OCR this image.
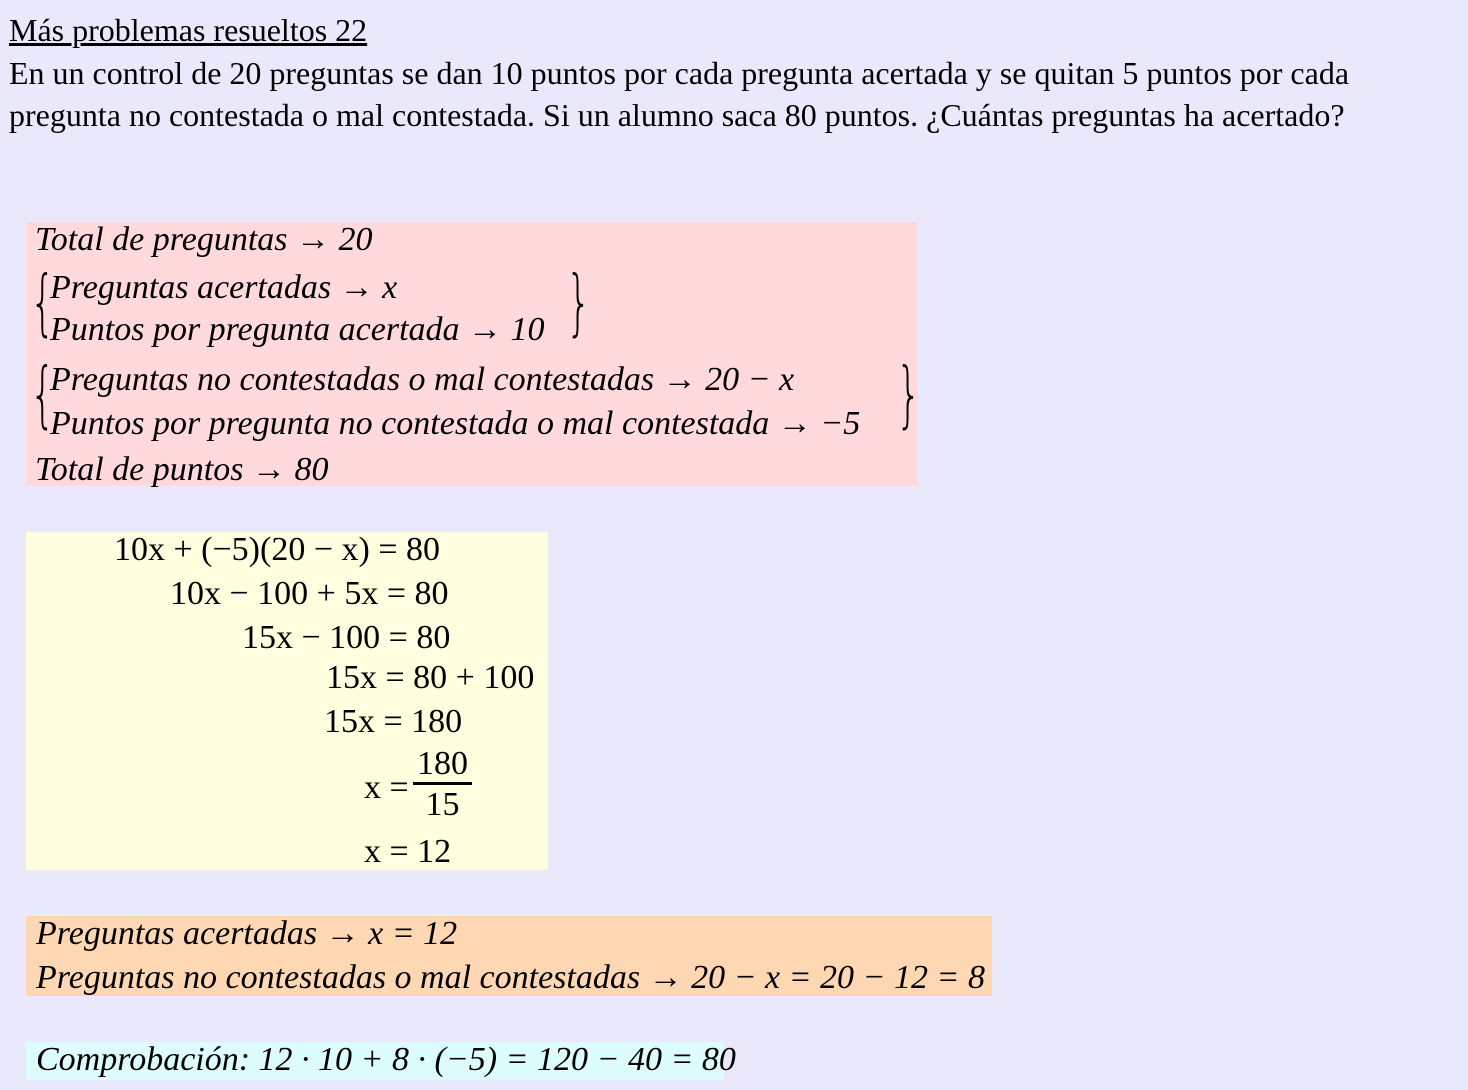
Más problemas resueltos 22
En un control de 20 preguntas se dan 10 puntos por cada pregunta acertada y se quitan 5 puntos por cada pregunta no contestada o mal contestada. Si un alumno saca 80 puntos. ¿Cuántas preguntas ha acertado?
Total de preguntas → 20
{
Preguntas acertadas → x
Puntos por pregunta acertada → 10 }
{
Preguntas no contestadas o mal contestadas → 20 − x
Puntos por pregunta no contestada o mal contestada → −5 }
Total de puntos → 80
10x + (−5)(20 − x) = 80
10x − 100 + 5x = 80
15x − 100 = 80
15x = 80 + 100
15x = 180
$x = \frac{180}{15}$
x = 12
Preguntas acertadas → x = 12
Preguntas no contestadas o mal contestadas → 20 − x = 20 − 12 = 8
Comprobación: 12 · 10 + 8 · (−5) = 120 − 40 = 80
